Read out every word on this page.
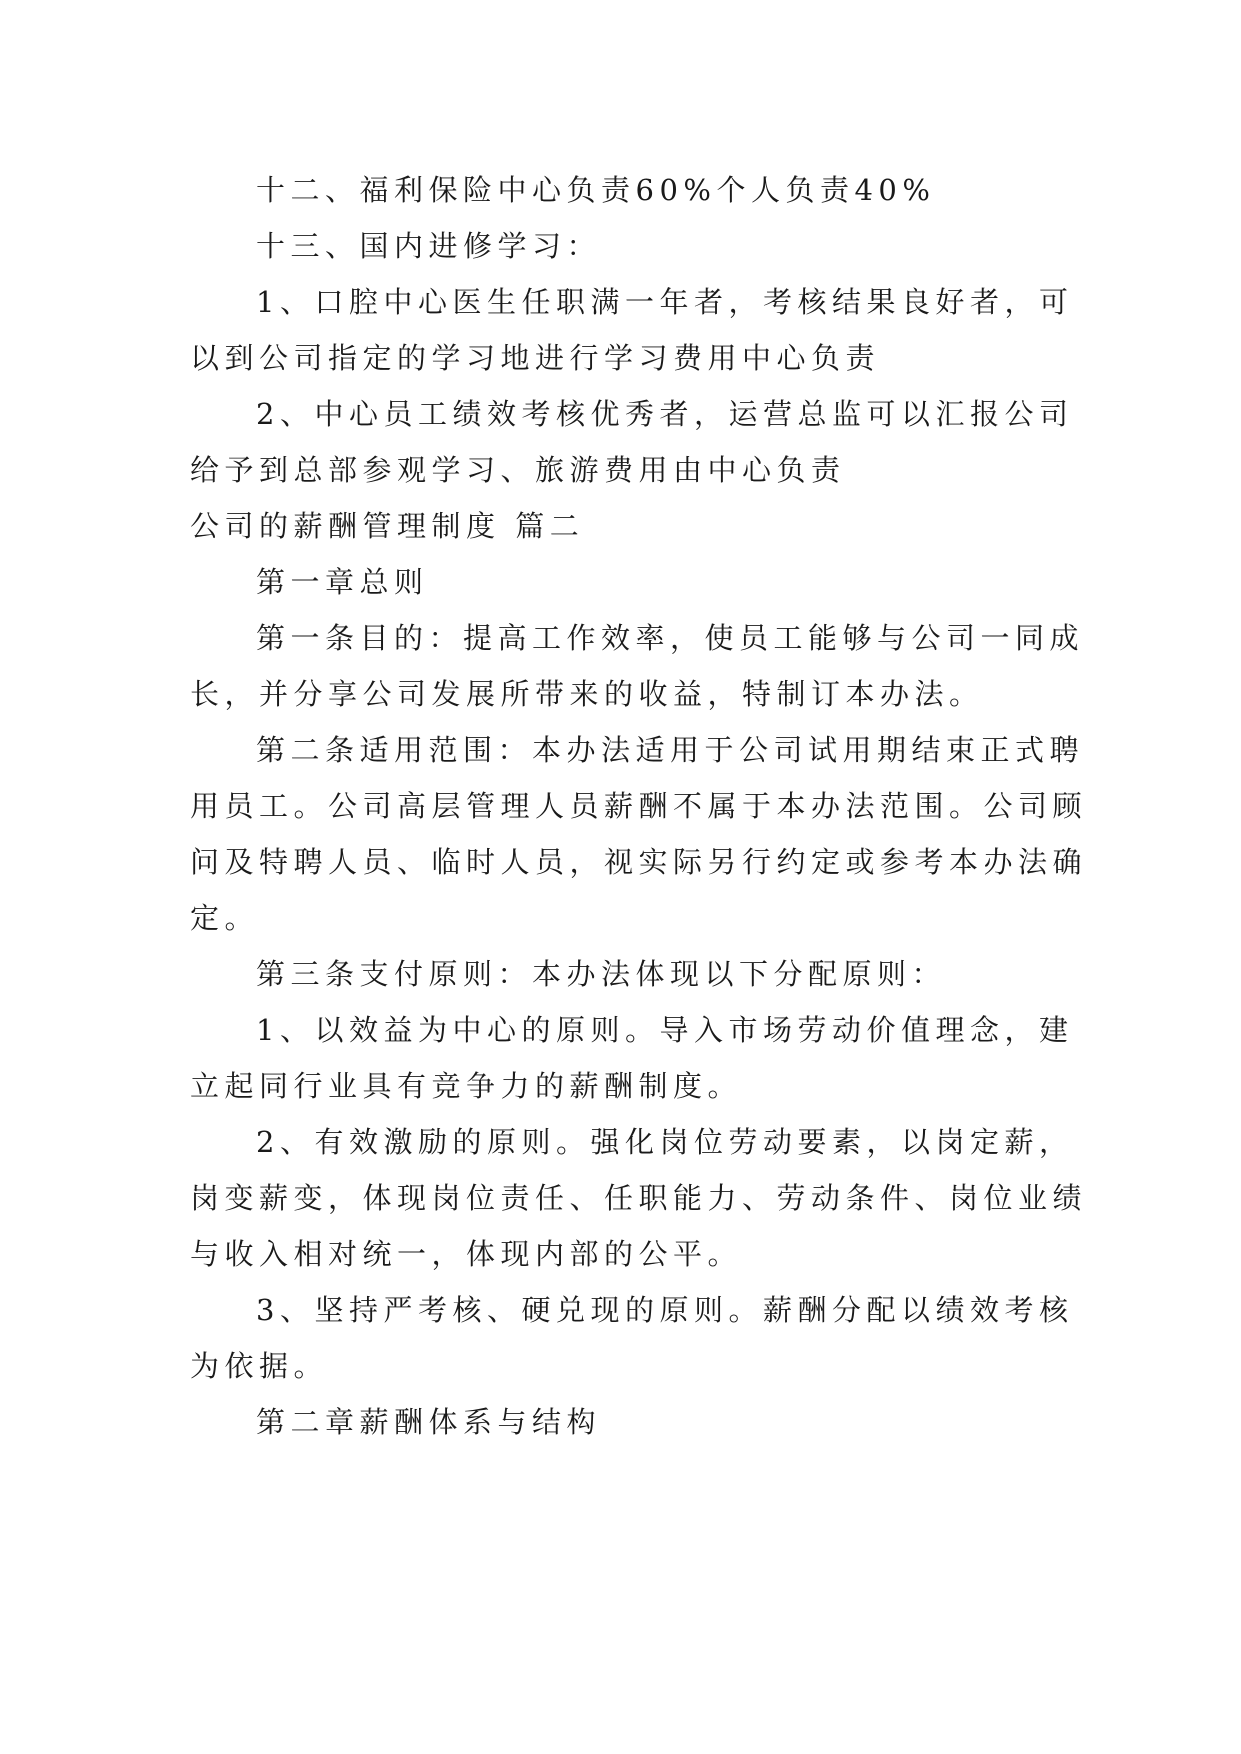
十二、福利保险中心负责60%个人负责40%

十三、国内进修学习：

1、口腔中心医生任职满一年者，考核结果良好者，可

以到公司指定的学习地进行学习费用中心负责

2、中心员工绩效考核优秀者，运营总监可以汇报公司

给予到总部参观学习、旅游费用由中心负责

公司的薪酬管理制度 篇二

第一章总则

第一条目的：提高工作效率，使员工能够与公司一同成

长，并分享公司发展所带来的收益，特制订本办法。

第二条适用范围：本办法适用于公司试用期结束正式聘

用员工。公司高层管理人员薪酬不属于本办法范围。公司顾

问及特聘人员、临时人员，视实际另行约定或参考本办法确

定。

第三条支付原则：本办法体现以下分配原则：

1、以效益为中心的原则。导入市场劳动价值理念，建

立起同行业具有竞争力的薪酬制度。

2、有效激励的原则。强化岗位劳动要素，以岗定薪，

岗变薪变，体现岗位责任、任职能力、劳动条件、岗位业绩

与收入相对统一，体现内部的公平。

3、坚持严考核、硬兑现的原则。薪酬分配以绩效考核

为依据。

第二章薪酬体系与结构
